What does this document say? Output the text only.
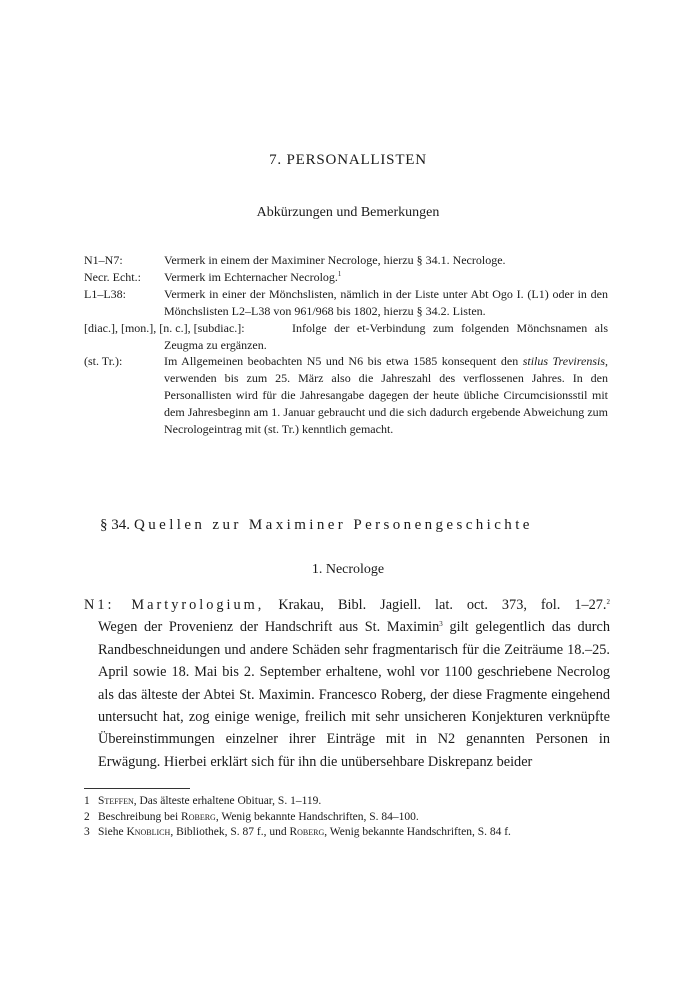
7. PERSONALLISTEN
Abkürzungen und Bemerkungen
N1–N7:	Vermerk in einem der Maximiner Necrologe, hierzu § 34.1. Necrologe.
Necr. Echt.: Vermerk im Echternacher Necrolog.$^1$
L1–L38:	Vermerk in einer der Mönchslisten, nämlich in der Liste unter Abt Ogo I. (L1) oder in den Mönchslisten L2–L38 von 961/968 bis 1802, hierzu § 34.2. Listen.
[diac.], [mon.], [n. c.], [subdiac.]:	Infolge der et-Verbindung zum folgenden Mönchsnamen als Zeugma zu ergänzen.
(st. Tr.):	Im Allgemeinen beobachten N5 und N6 bis etwa 1585 konsequent den stilus Trevirensis, verwenden bis zum 25. März also die Jahreszahl des verflossenen Jahres. In den Personallisten wird für die Jahresangabe dagegen der heute übliche Circumcisionsstil mit dem Jahresbeginn am 1. Januar gebraucht und die sich dadurch ergebende Abweichung zum Necrologeintrag mit (st. Tr.) kenntlich gemacht.
§ 34. Quellen zur Maximiner Personengeschichte
1. Necrologe
N1: Martyrologium, Krakau, Bibl. Jagiell. lat. oct. 373, fol. 1–27.$^2$
Wegen der Provenienz der Handschrift aus St. Maximin$^3$ gilt gelegentlich das durch Randbeschneidungen und andere Schäden sehr fragmentarisch für die Zeiträume 18.–25. April sowie 18. Mai bis 2. September erhaltene, wohl vor 1100 geschriebene Necrolog als das älteste der Abtei St. Maximin. Francesco Roberg, der diese Fragmente eingehend untersucht hat, zog einige wenige, freilich mit sehr unsicheren Konjekturen verknüpfte Übereinstimmungen einzelner ihrer Einträge mit in N2 genannten Personen in Erwägung. Hierbei erklärt sich für ihn die unübersehbare Diskrepanz beider
1 Steffen, Das älteste erhaltene Obituar, S. 1–119.
2 Beschreibung bei Roberg, Wenig bekannte Handschriften, S. 84–100.
3 Siehe Knoblich, Bibliothek, S. 87 f., und Roberg, Wenig bekannte Handschriften, S. 84 f.
